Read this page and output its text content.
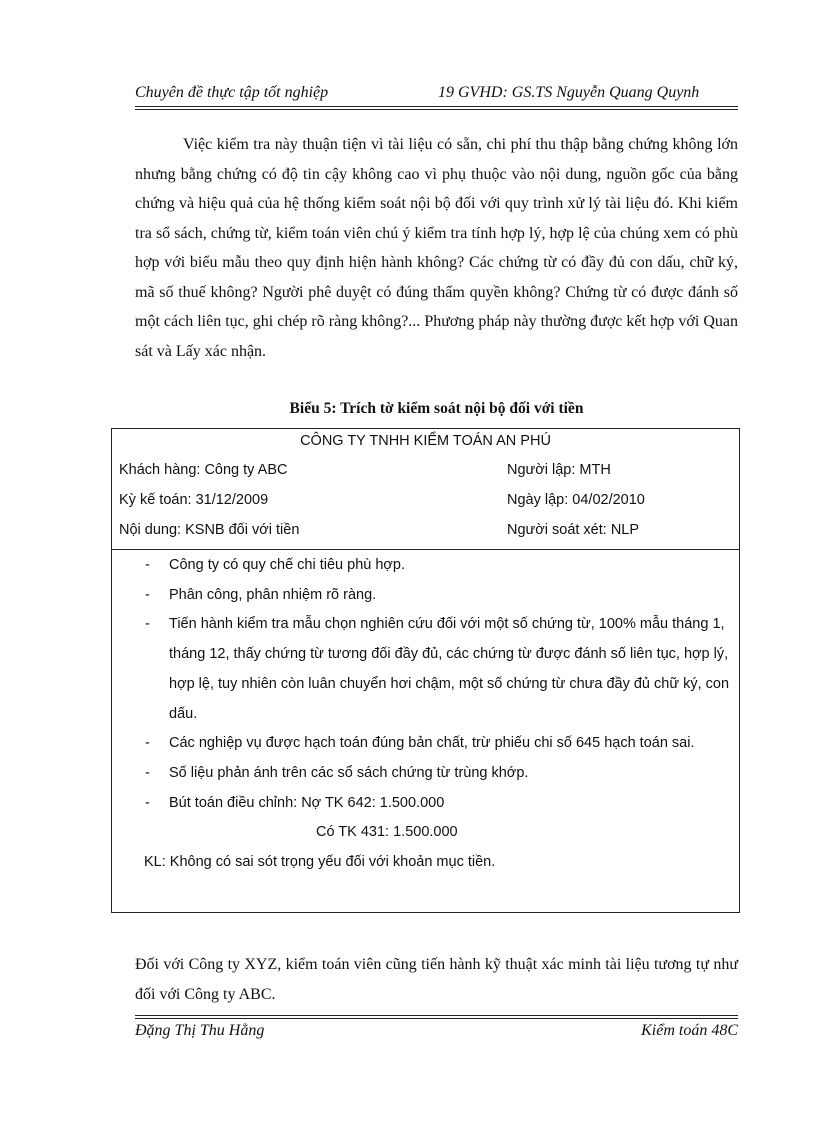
Chuyên đề thực tập tốt nghiệp	19 GVHD: GS.TS Nguyễn Quang Quynh

Việc kiểm tra này thuận tiện vì tài liệu có sẵn, chi phí thu thập bằng chứng không lớn nhưng bằng chứng có độ tin cậy không cao vì phụ thuộc vào nội dung, nguồn gốc của bằng chứng và hiệu quả của hệ thống kiểm soát nội bộ đối với quy trình xử lý tài liệu đó. Khi kiểm tra sổ sách, chứng từ, kiểm toán viên chú ý kiểm tra tính hợp lý, hợp lệ của chúng xem có phù hợp với biểu mẫu theo quy định hiện hành không? Các chứng từ có đầy đủ con dấu, chữ ký, mã số thuế không? Người phê duyệt có đúng thẩm quyền không? Chứng từ có được đánh số một cách liên tục, ghi chép rõ ràng không?... Phương pháp này thường được kết hợp với Quan sát và Lấy xác nhận.

Biểu 5: Trích tờ kiểm soát nội bộ đối với tiền
CÔNG TY TNHH KIỂM TOÁN AN PHÚ
Khách hàng: Công ty ABC	Người lập: MTH
Kỳ kế toán: 31/12/2009	Ngày lập: 04/02/2010
Nội dung: KSNB đối với tiền	Người soát xét: NLP
- Công ty có quy chế chi tiêu phù hợp.
- Phân công, phân nhiệm rõ ràng.
- Tiến hành kiểm tra mẫu chọn nghiên cứu đối với một số chứng từ, 100% mẫu tháng 1, tháng 12, thấy chứng từ tương đối đầy đủ, các chứng từ được đánh số liên tục, hợp lý, hợp lệ, tuy nhiên còn luân chuyển hơi chậm, một số chứng từ chưa đầy đủ chữ ký, con dấu.
- Các nghiệp vụ được hạch toán đúng bản chất, trừ phiếu chi số 645 hạch toán sai.
- Số liệu phản ánh trên các sổ sách chứng từ trùng khớp.
- Bút toán điều chỉnh: Nợ TK 642: 1.500.000
Có TK 431: 1.500.000
KL: Không có sai sót trọng yếu đối với khoản mục tiền.

Đối với Công ty XYZ, kiểm toán viên cũng tiến hành kỹ thuật xác minh tài liệu tương tự như đối với Công ty ABC.

Đặng Thị Thu Hằng	Kiểm toán 48C
